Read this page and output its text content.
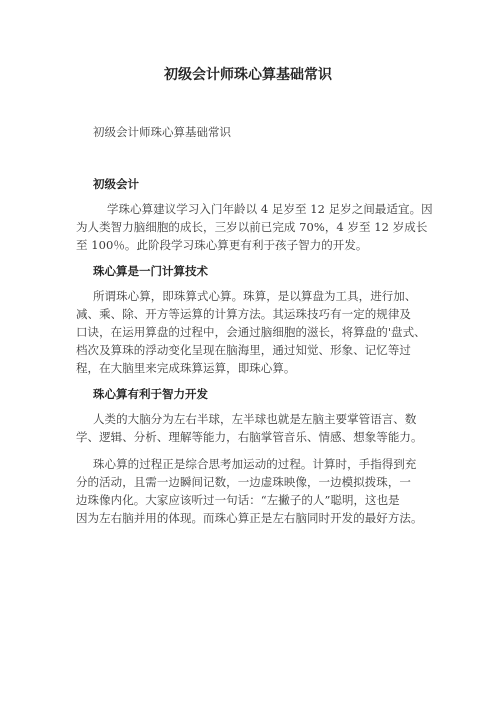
初级会计师珠心算基础常识
初级会计师珠心算基础常识
初级会计
学珠心算建议学习入门年龄以 4 足岁至 12 足岁之间最适宜。因
为人类智力脑细胞的成长，三岁以前已完成 70%，4 岁至 12 岁成长
至 100％。此阶段学习珠心算更有利于孩子智力的开发。
珠心算是一门计算技术
所谓珠心算，即珠算式心算。珠算，是以算盘为工具，进行加、
减、乘、除、开方等运算的计算方法。其运珠技巧有一定的规律及
口诀，在运用算盘的过程中，会通过脑细胞的滋长，将算盘的'盘式、
档次及算珠的浮动变化呈现在脑海里，通过知觉、形象、记忆等过
程，在大脑里来完成珠算运算，即珠心算。
珠心算有利于智力开发
人类的大脑分为左右半球，左半球也就是左脑主要掌管语言、数
学、逻辑、分析、理解等能力，右脑掌管音乐、情感、想象等能力。
珠心算的过程正是综合思考加运动的过程。计算时，手指得到充
分的活动，且需一边瞬间记数，一边虚珠映像，一边模拟拨珠，一
边珠像内化。大家应该听过一句话：“左撇子的人”聪明，这也是
因为左右脑并用的体现。而珠心算正是左右脑同时开发的最好方法。
